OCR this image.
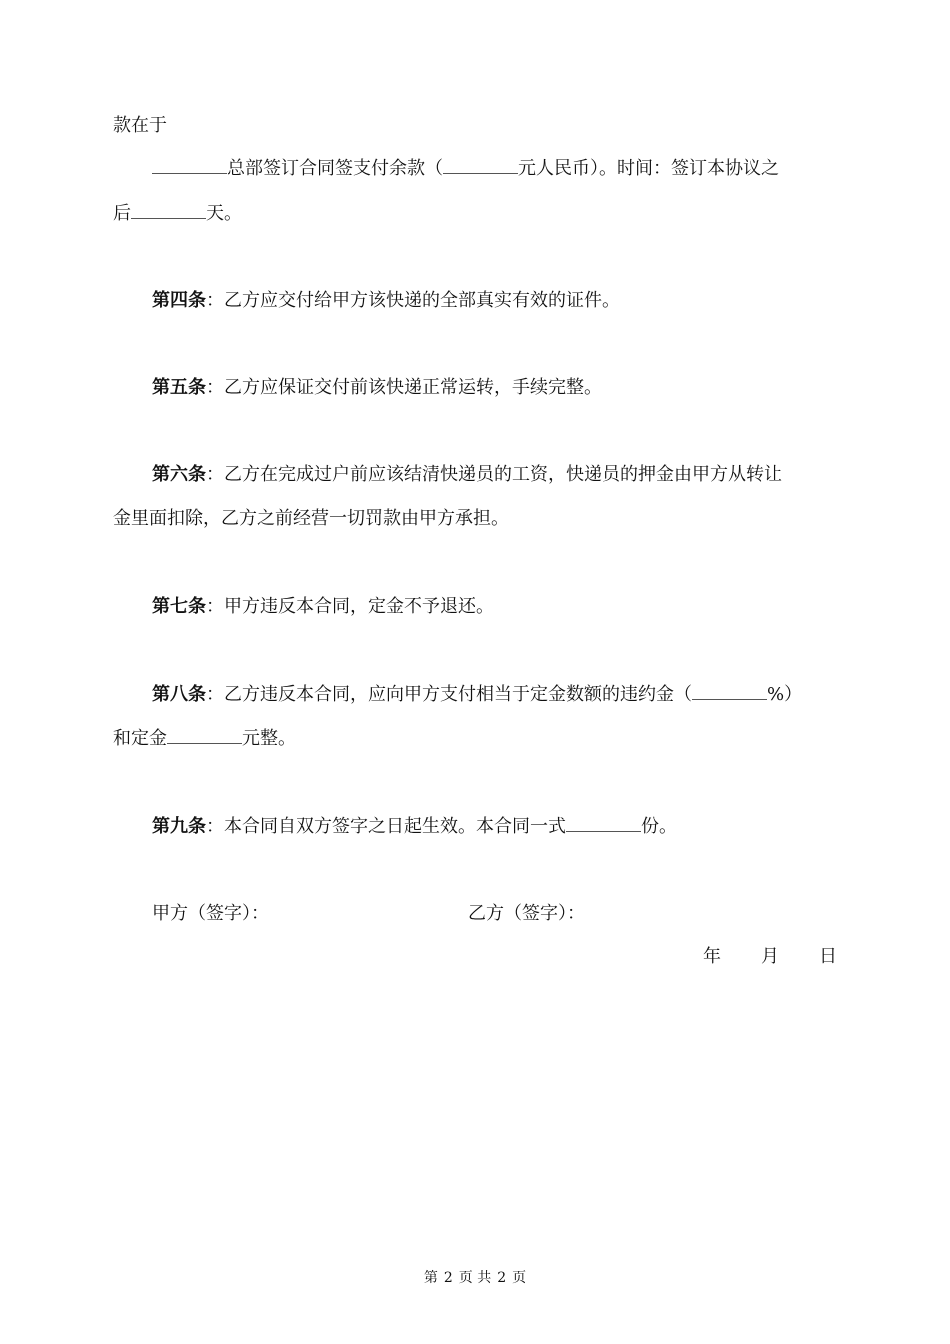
款在于
总部签订合同签支付余款（	元人民币）。时间：签订本协议之
后	天。
第四条：乙方应交付给甲方该快递的全部真实有效的证件。
第五条：乙方应保证交付前该快递正常运转，手续完整。
第六条：乙方在完成过户前应该结清快递员的工资，快递员的押金由甲方从转让
金里面扣除，乙方之前经营一切罚款由甲方承担。
第七条：甲方违反本合同，定金不予退还。
第八条：乙方违反本合同，应向甲方支付相当于定金数额的违约金（	%）
和定金	元整。
第九条：本合同自双方签字之日起生效。本合同一式	份。
甲方（签字）：	乙方（签字）：
年 月 日
第 2 页 共 2 页
